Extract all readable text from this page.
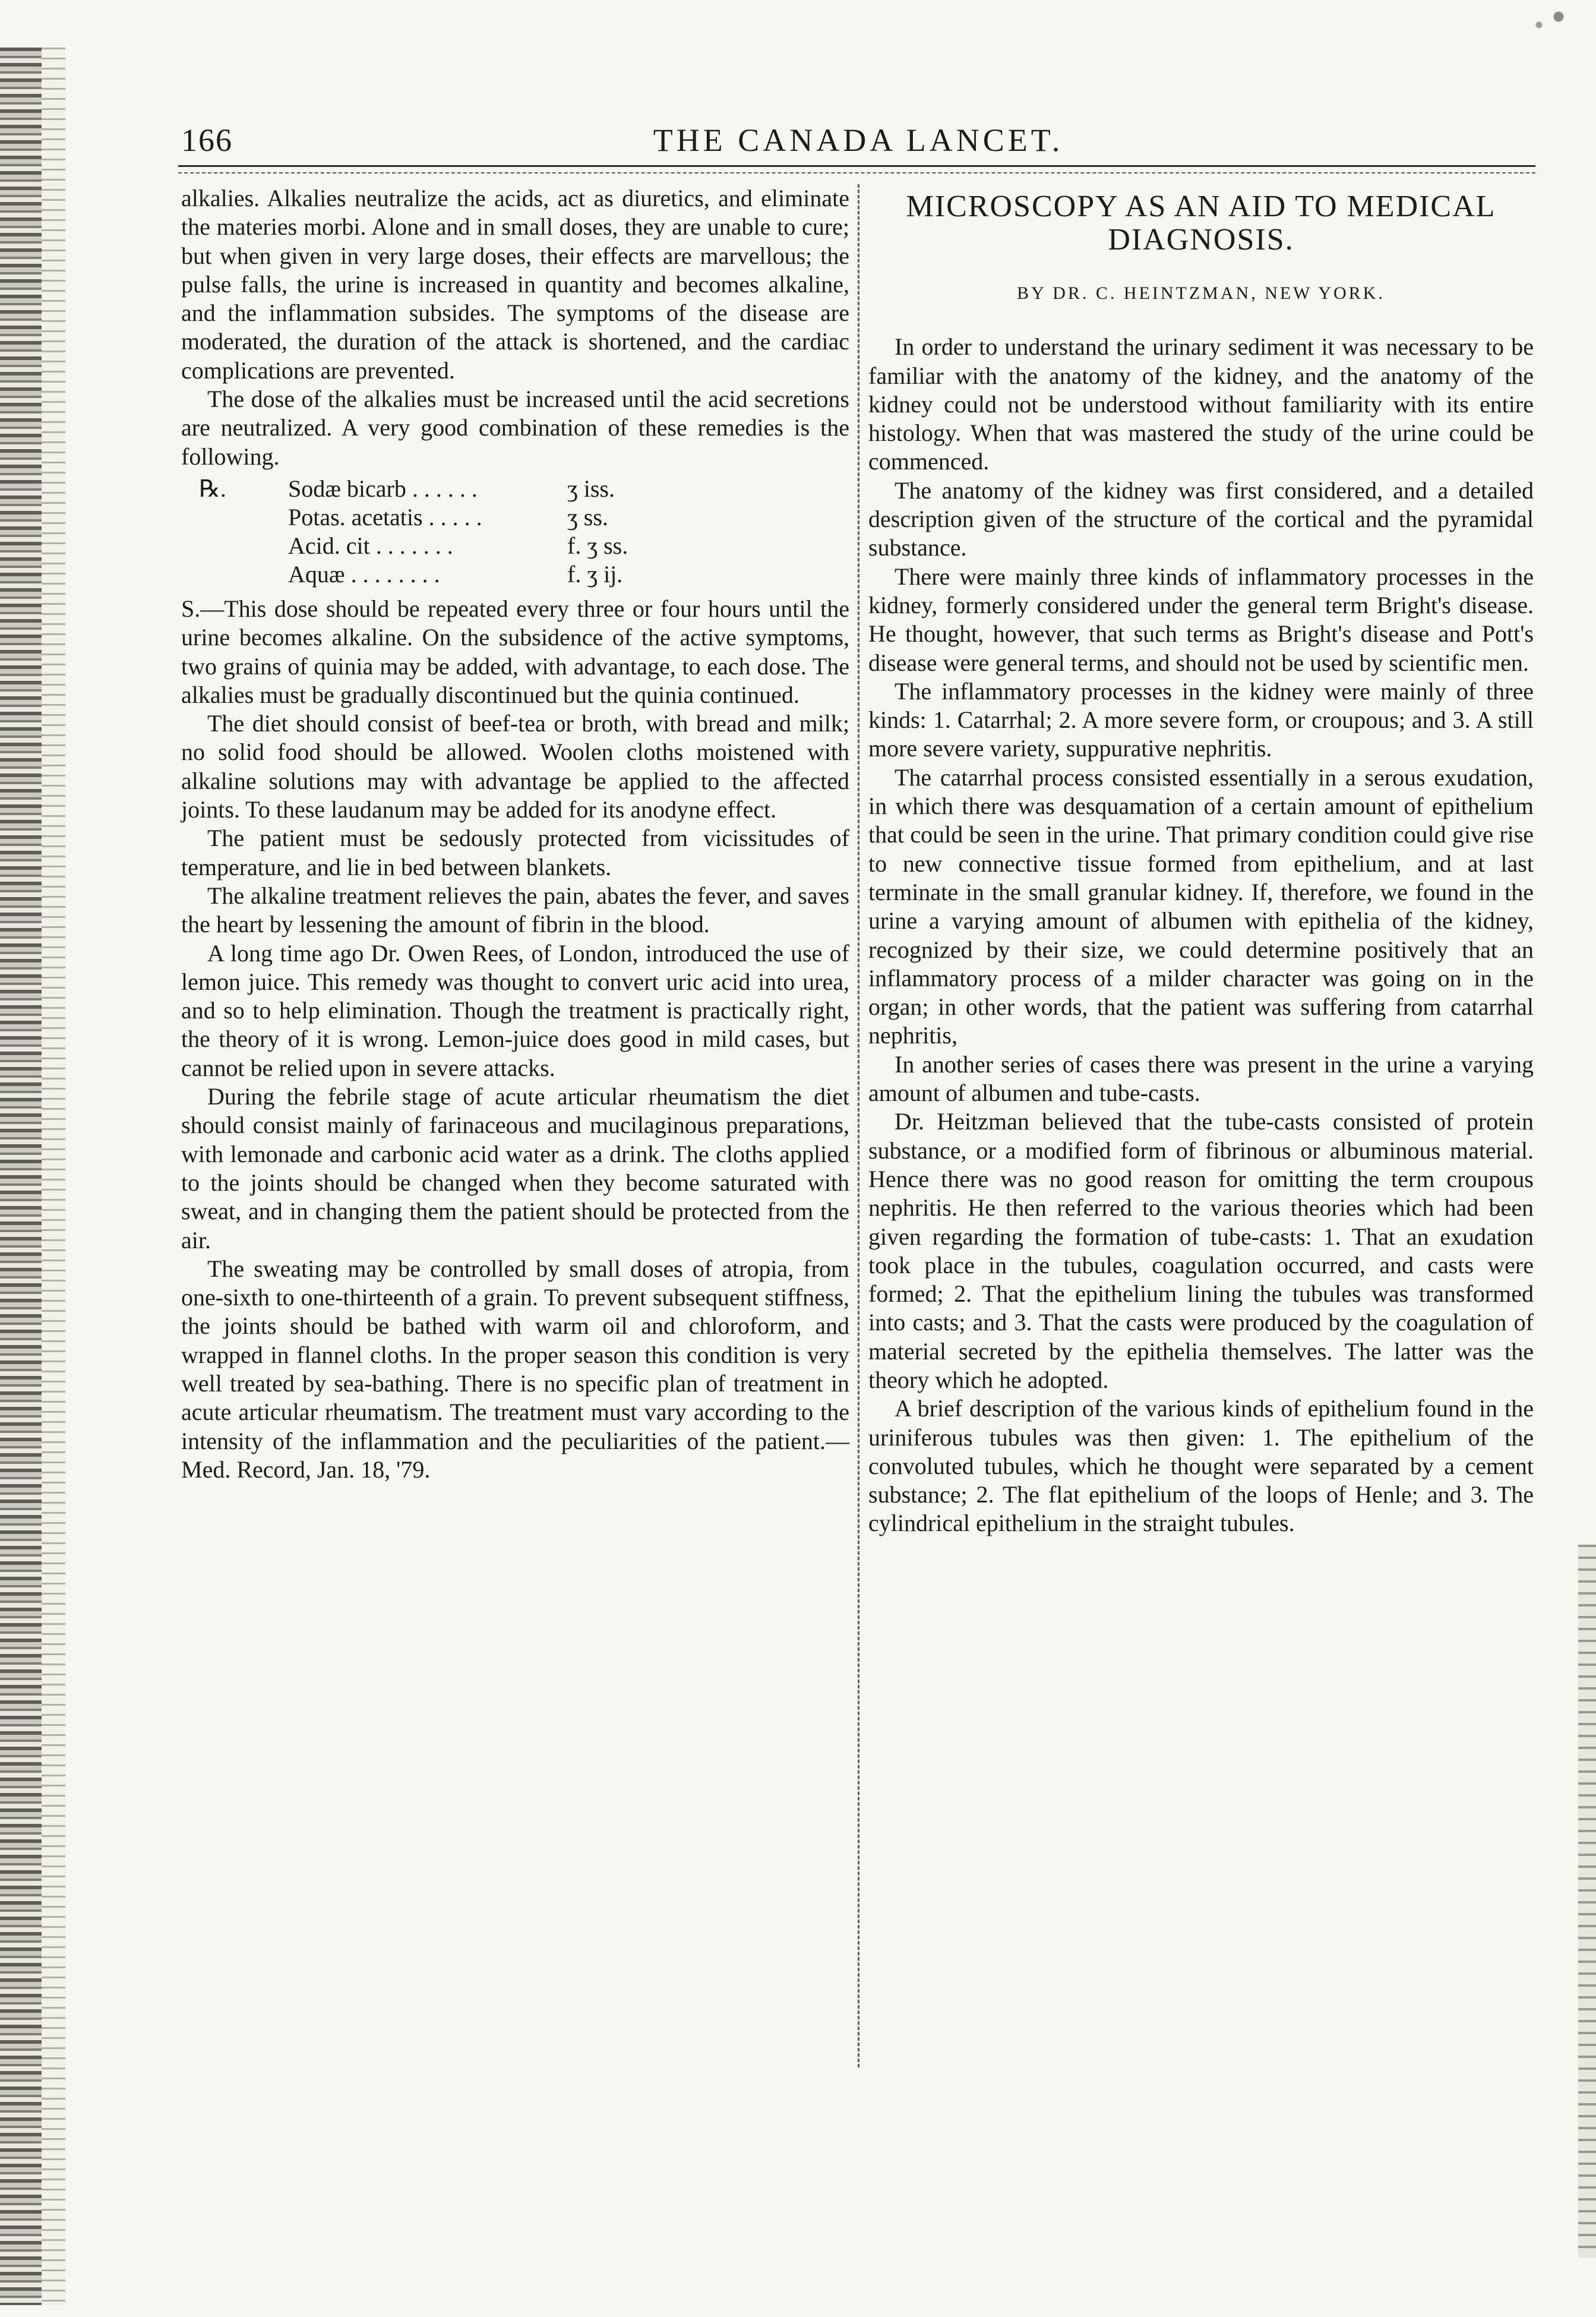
166	THE CANADA LANCET.

alkalies. Alkalies neutralize the acids, act as diuretics, and eliminate the materies morbi. Alone and in small doses, they are unable to cure; but when given in very large doses, their effects are marvellous; the pulse falls, the urine is increased in quantity and becomes alkaline, and the inflammation subsides. The symptoms of the disease are moderated, the duration of the attack is shortened, and the cardiac complications are prevented.

The dose of the alkalies must be increased until the acid secretions are neutralized. A very good combination of these remedies is the following.

℞.	Sodæ bicarb . . . . . .	ʒ iss.
Potas. acetatis . . . . .	ʒ ss.
Acid. cit . . . . . . .	f. ʒ ss.
Aquæ . . . . . . . .	f. ʒ ij.

S.—This dose should be repeated every three or four hours until the urine becomes alkaline. On the subsidence of the active symptoms, two grains of quinia may be added, with advantage, to each dose. The alkalies must be gradually discontinued but the quinia continued.

The diet should consist of beef-tea or broth, with bread and milk; no solid food should be allowed. Woolen cloths moistened with alkaline solutions may with advantage be applied to the affected joints. To these laudanum may be added for its anodyne effect.

The patient must be sedously protected from vicissitudes of temperature, and lie in bed between blankets.

The alkaline treatment relieves the pain, abates the fever, and saves the heart by lessening the amount of fibrin in the blood.

A long time ago Dr. Owen Rees, of London, introduced the use of lemon juice. This remedy was thought to convert uric acid into urea, and so to help elimination. Though the treatment is practically right, the theory of it is wrong. Lemon-juice does good in mild cases, but cannot be relied upon in severe attacks.

During the febrile stage of acute articular rheumatism the diet should consist mainly of farinaceous and mucilaginous preparations, with lemonade and carbonic acid water as a drink. The cloths applied to the joints should be changed when they become saturated with sweat, and in changing them the patient should be protected from the air.

The sweating may be controlled by small doses of atropia, from one-sixth to one-thirteenth of a grain. To prevent subsequent stiffness, the joints should be bathed with warm oil and chloroform, and wrapped in flannel cloths. In the proper season this condition is very well treated by sea-bathing. There is no specific plan of treatment in acute articular rheumatism. The treatment must vary according to the intensity of the inflammation and the peculiarities of the patient.—Med. Record, Jan. 18, '79.

MICROSCOPY AS AN AID TO MEDICAL DIAGNOSIS.
BY DR. C. HEINTZMAN, NEW YORK.

In order to understand the urinary sediment it was necessary to be familiar with the anatomy of the kidney, and the anatomy of the kidney could not be understood without familiarity with its entire histology. When that was mastered the study of the urine could be commenced.

The anatomy of the kidney was first considered, and a detailed description given of the structure of the cortical and the pyramidal substance.

There were mainly three kinds of inflammatory processes in the kidney, formerly considered under the general term Bright's disease. He thought, however, that such terms as Bright's disease and Pott's disease were general terms, and should not be used by scientific men.

The inflammatory processes in the kidney were mainly of three kinds: 1. Catarrhal; 2. A more severe form, or croupous; and 3. A still more severe variety, suppurative nephritis.

The catarrhal process consisted essentially in a serous exudation, in which there was desquamation of a certain amount of epithelium that could be seen in the urine. That primary condition could give rise to new connective tissue formed from epithelium, and at last terminate in the small granular kidney. If, therefore, we found in the urine a varying amount of albumen with epithelia of the kidney, recognized by their size, we could determine positively that an inflammatory process of a milder character was going on in the organ; in other words, that the patient was suffering from catarrhal nephritis,

In another series of cases there was present in the urine a varying amount of albumen and tube-casts.

Dr. Heitzman believed that the tube-casts consisted of protein substance, or a modified form of fibrinous or albuminous material. Hence there was no good reason for omitting the term croupous nephritis. He then referred to the various theories which had been given regarding the formation of tube-casts: 1. That an exudation took place in the tubules, coagulation occurred, and casts were formed; 2. That the epithelium lining the tubules was transformed into casts; and 3. That the casts were produced by the coagulation of material secreted by the epithelia themselves. The latter was the theory which he adopted.

A brief description of the various kinds of epithelium found in the uriniferous tubules was then given: 1. The epithelium of the convoluted tubules, which he thought were separated by a cement substance; 2. The flat epithelium of the loops of Henle; and 3. The cylindrical epithelium in the straight tubules.
